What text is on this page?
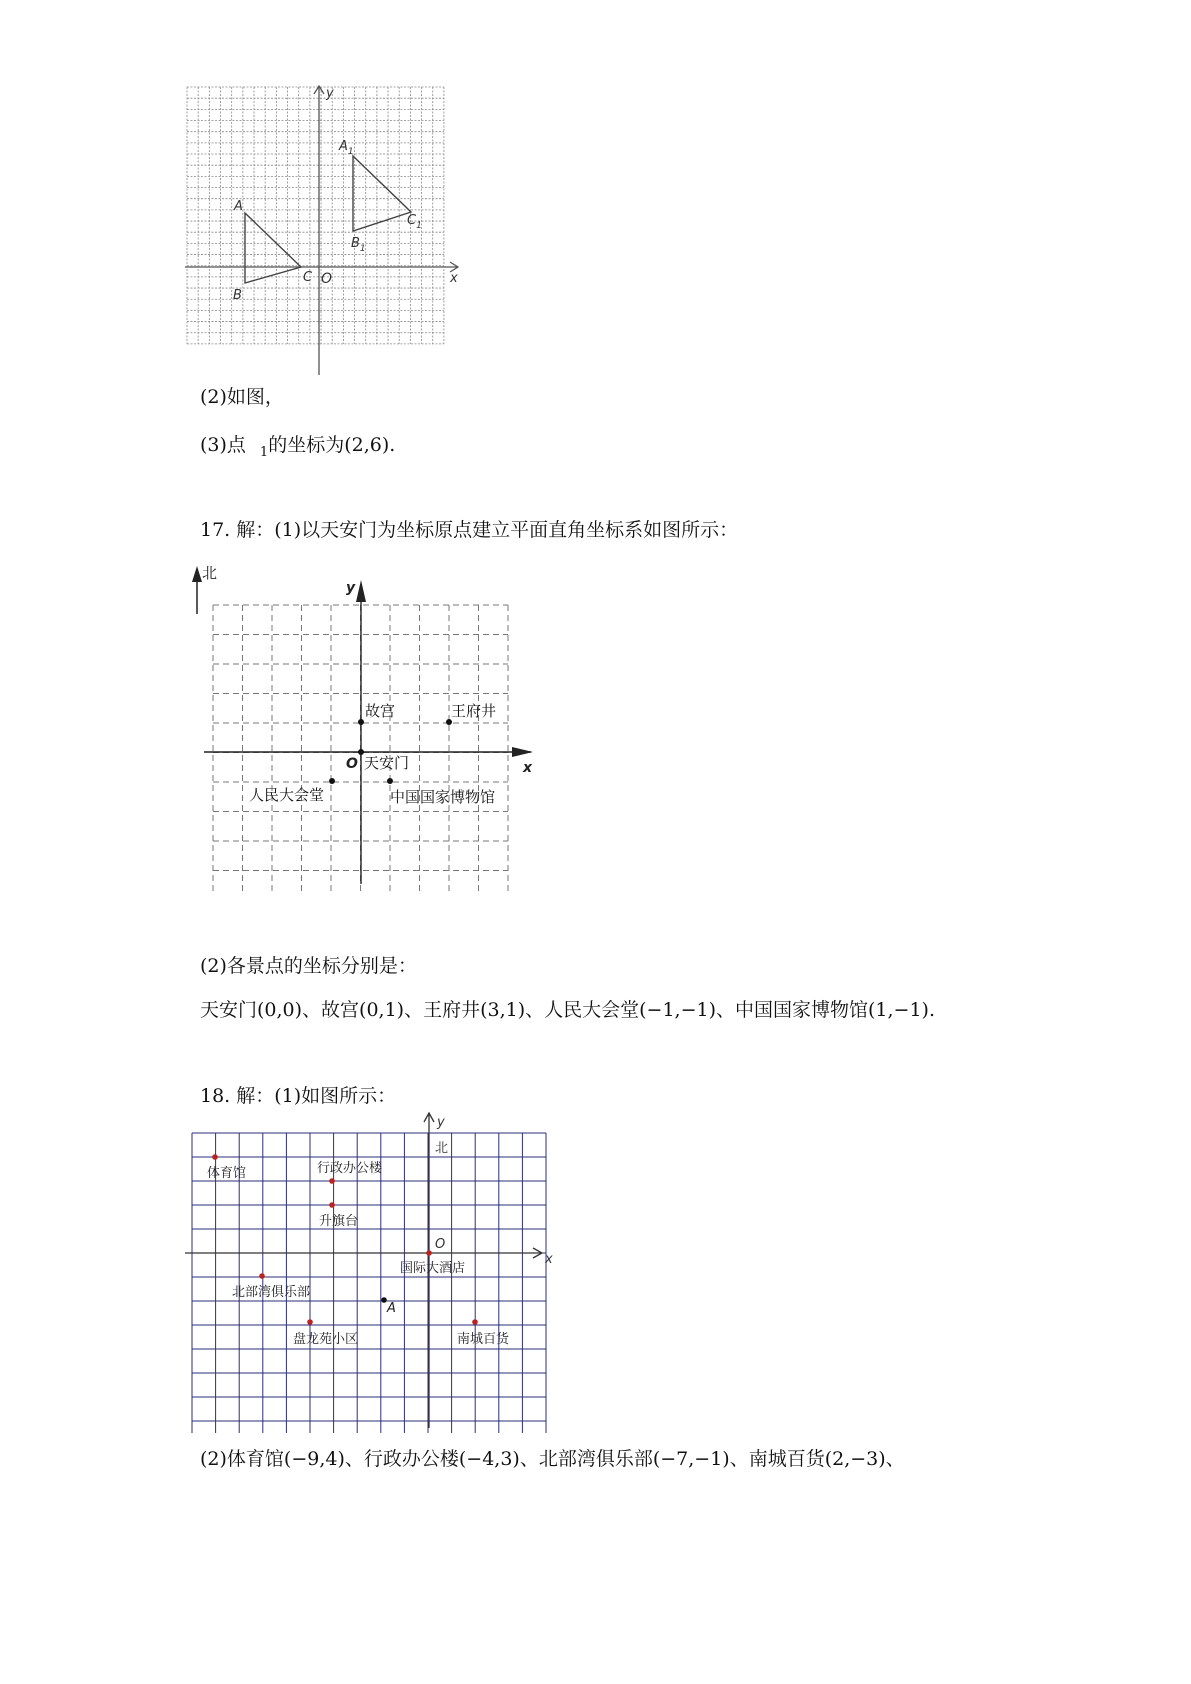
y
x
O
A
B
C
$A_1$
$B_1$
$C_1$
(2)如图，
(3)点 $_1$的坐标为(2,6).
17. 解：(1)以天安门为坐标原点建立平面直角坐标系如图所示：
北
y
x
O
故宫	王府井
天安门
人民大会堂	中国国家博物馆
(2)各景点的坐标分别是：
天安门(0,0)、故宫(0,1)、王府井(3,1)、人民大会堂(−1,−1)、中国国家博物馆(1,−1).
18. 解：(1)如图所示：
y
x
北
O
体育馆	行政办公楼
升旗台
国际大酒店
北部湾俱乐部
A
盘龙苑小区	南城百货
(2)体育馆(−9,4)、行政办公楼(−4,3)、北部湾俱乐部(−7,−1)、南城百货(2,−3)、
